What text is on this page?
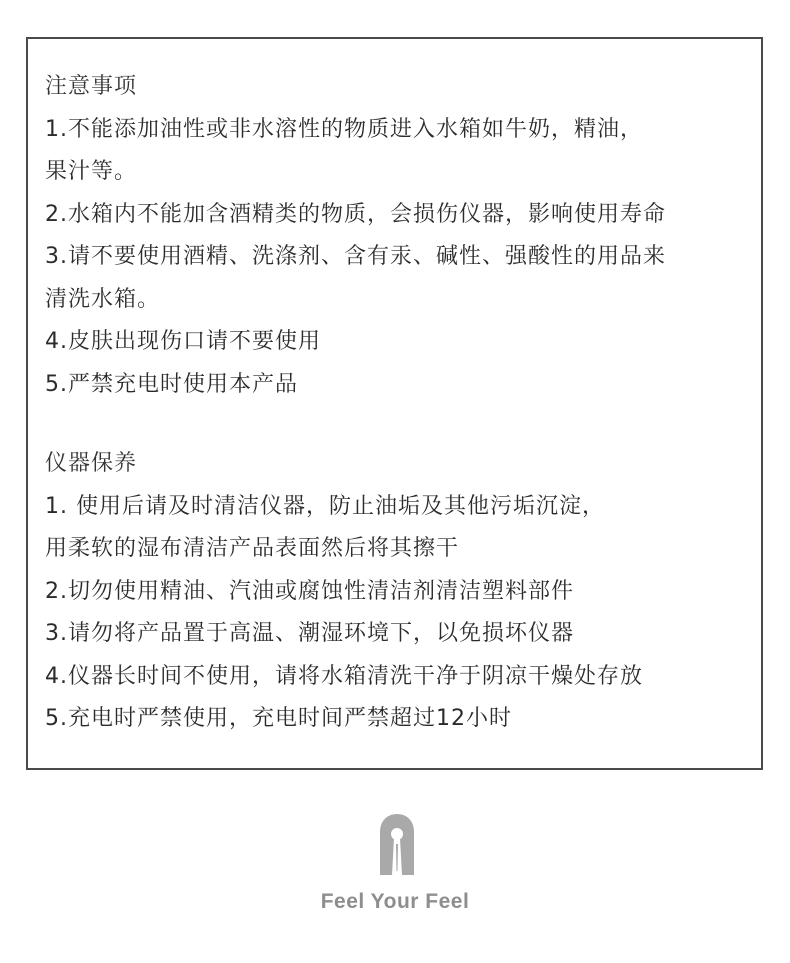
注意事项
1.不能添加油性或非水溶性的物质进入水箱如牛奶，精油，
果汁等。
2.水箱内不能加含酒精类的物质，会损伤仪器，影响使用寿命
3.请不要使用酒精、洗涤剂、含有汞、碱性、强酸性的用品来
清洗水箱。
4.皮肤出现伤口请不要使用
5.严禁充电时使用本产品
仪器保养
1. 使用后请及时清洁仪器，防止油垢及其他污垢沉淀，
用柔软的湿布清洁产品表面然后将其擦干
2.切勿使用精油、汽油或腐蚀性清洁剂清洁塑料部件
3.请勿将产品置于高温、潮湿环境下，以免损坏仪器
4.仪器长时间不使用，请将水箱清洗干净于阴凉干燥处存放
5.充电时严禁使用，充电时间严禁超过12小时
Feel Your Feel
